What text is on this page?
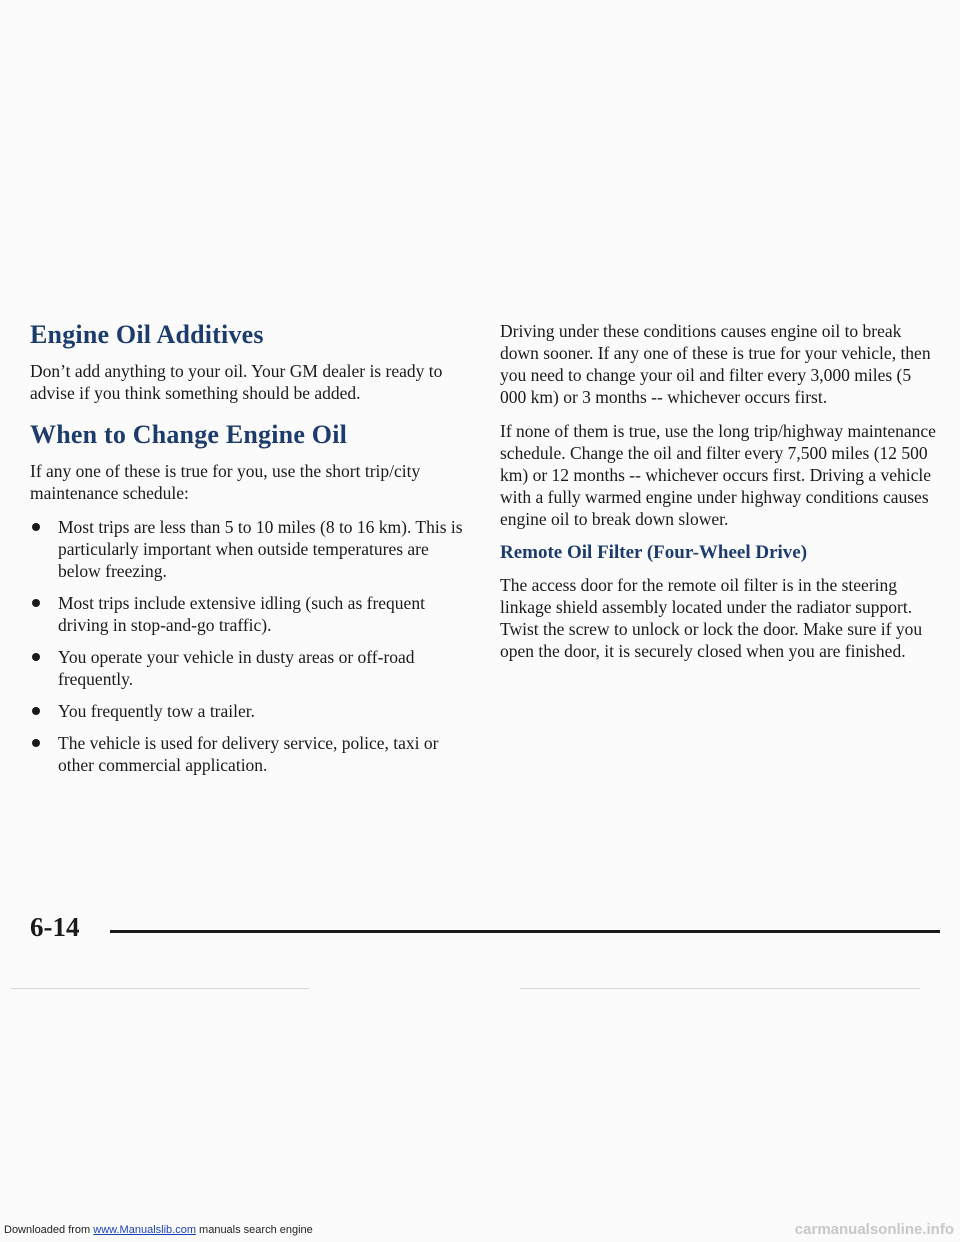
Engine Oil Additives

Don’t add anything to your oil. Your GM dealer is ready to advise if you think something should be added.

When to Change Engine Oil

If any one of these is true for you, use the short trip/city maintenance schedule:

Most trips are less than 5 to 10 miles (8 to 16 km). This is particularly important when outside temperatures are below freezing.
Most trips include extensive idling (such as frequent driving in stop-and-go traffic).
You operate your vehicle in dusty areas or off-road frequently.
You frequently tow a trailer.
The vehicle is used for delivery service, police, taxi or other commercial application.

Driving under these conditions causes engine oil to break down sooner. If any one of these is true for your vehicle, then you need to change your oil and filter every 3,000 miles (5 000 km) or 3 months -- whichever occurs first.

If none of them is true, use the long trip/highway maintenance schedule. Change the oil and filter every 7,500 miles (12 500 km) or 12 months -- whichever occurs first. Driving a vehicle with a fully warmed engine under highway conditions causes engine oil to break down slower.

Remote Oil Filter (Four-Wheel Drive)

The access door for the remote oil filter is in the steering linkage shield assembly located under the radiator support. Twist the screw to unlock or lock the door. Make sure if you open the door, it is securely closed when you are finished.

6-14
Downloaded from www.Manualslib.com manuals search engine	carmanualsonline.info
